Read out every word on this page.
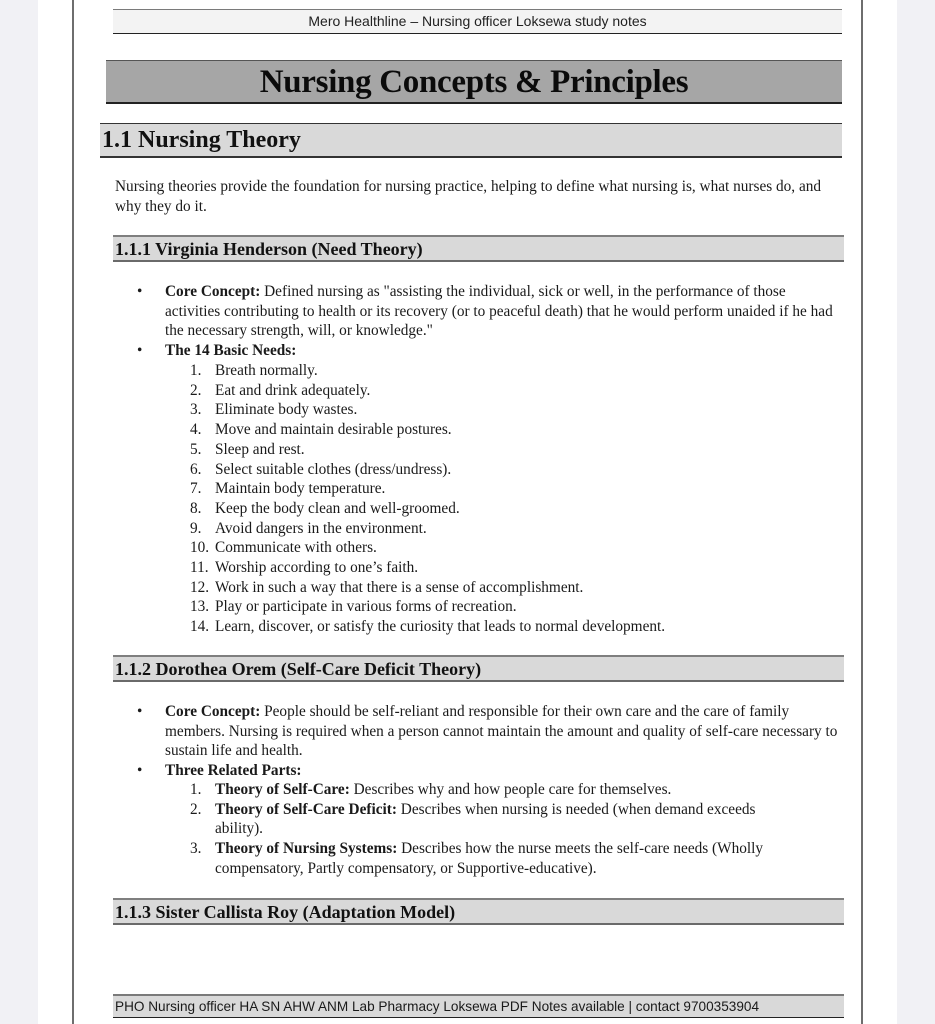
Mero Healthline – Nursing officer Loksewa study notes
Nursing Concepts & Principles
1.1 Nursing Theory
Nursing theories provide the foundation for nursing practice, helping to define what nursing is, what nurses do, and why they do it.
1.1.1 Virginia Henderson (Need Theory)
•	Core Concept: Defined nursing as "assisting the individual, sick or well, in the performance of those activities contributing to health or its recovery (or to peaceful death) that he would perform unaided if he had the necessary strength, will, or knowledge."
•	The 14 Basic Needs:
1. Breath normally.
2. Eat and drink adequately.
3. Eliminate body wastes.
4. Move and maintain desirable postures.
5. Sleep and rest.
6. Select suitable clothes (dress/undress).
7. Maintain body temperature.
8. Keep the body clean and well-groomed.
9. Avoid dangers in the environment.
10. Communicate with others.
11. Worship according to one’s faith.
12. Work in such a way that there is a sense of accomplishment.
13. Play or participate in various forms of recreation.
14. Learn, discover, or satisfy the curiosity that leads to normal development.
1.1.2 Dorothea Orem (Self-Care Deficit Theory)
•	Core Concept: People should be self-reliant and responsible for their own care and the care of family members. Nursing is required when a person cannot maintain the amount and quality of self-care necessary to sustain life and health.
•	Three Related Parts:
1. Theory of Self-Care: Describes why and how people care for themselves.
2. Theory of Self-Care Deficit: Describes when nursing is needed (when demand exceeds ability).
3. Theory of Nursing Systems: Describes how the nurse meets the self-care needs (Wholly compensatory, Partly compensatory, or Supportive-educative).
1.1.3 Sister Callista Roy (Adaptation Model)
PHO Nursing officer HA SN AHW ANM Lab Pharmacy Loksewa PDF Notes available | contact 9700353904
